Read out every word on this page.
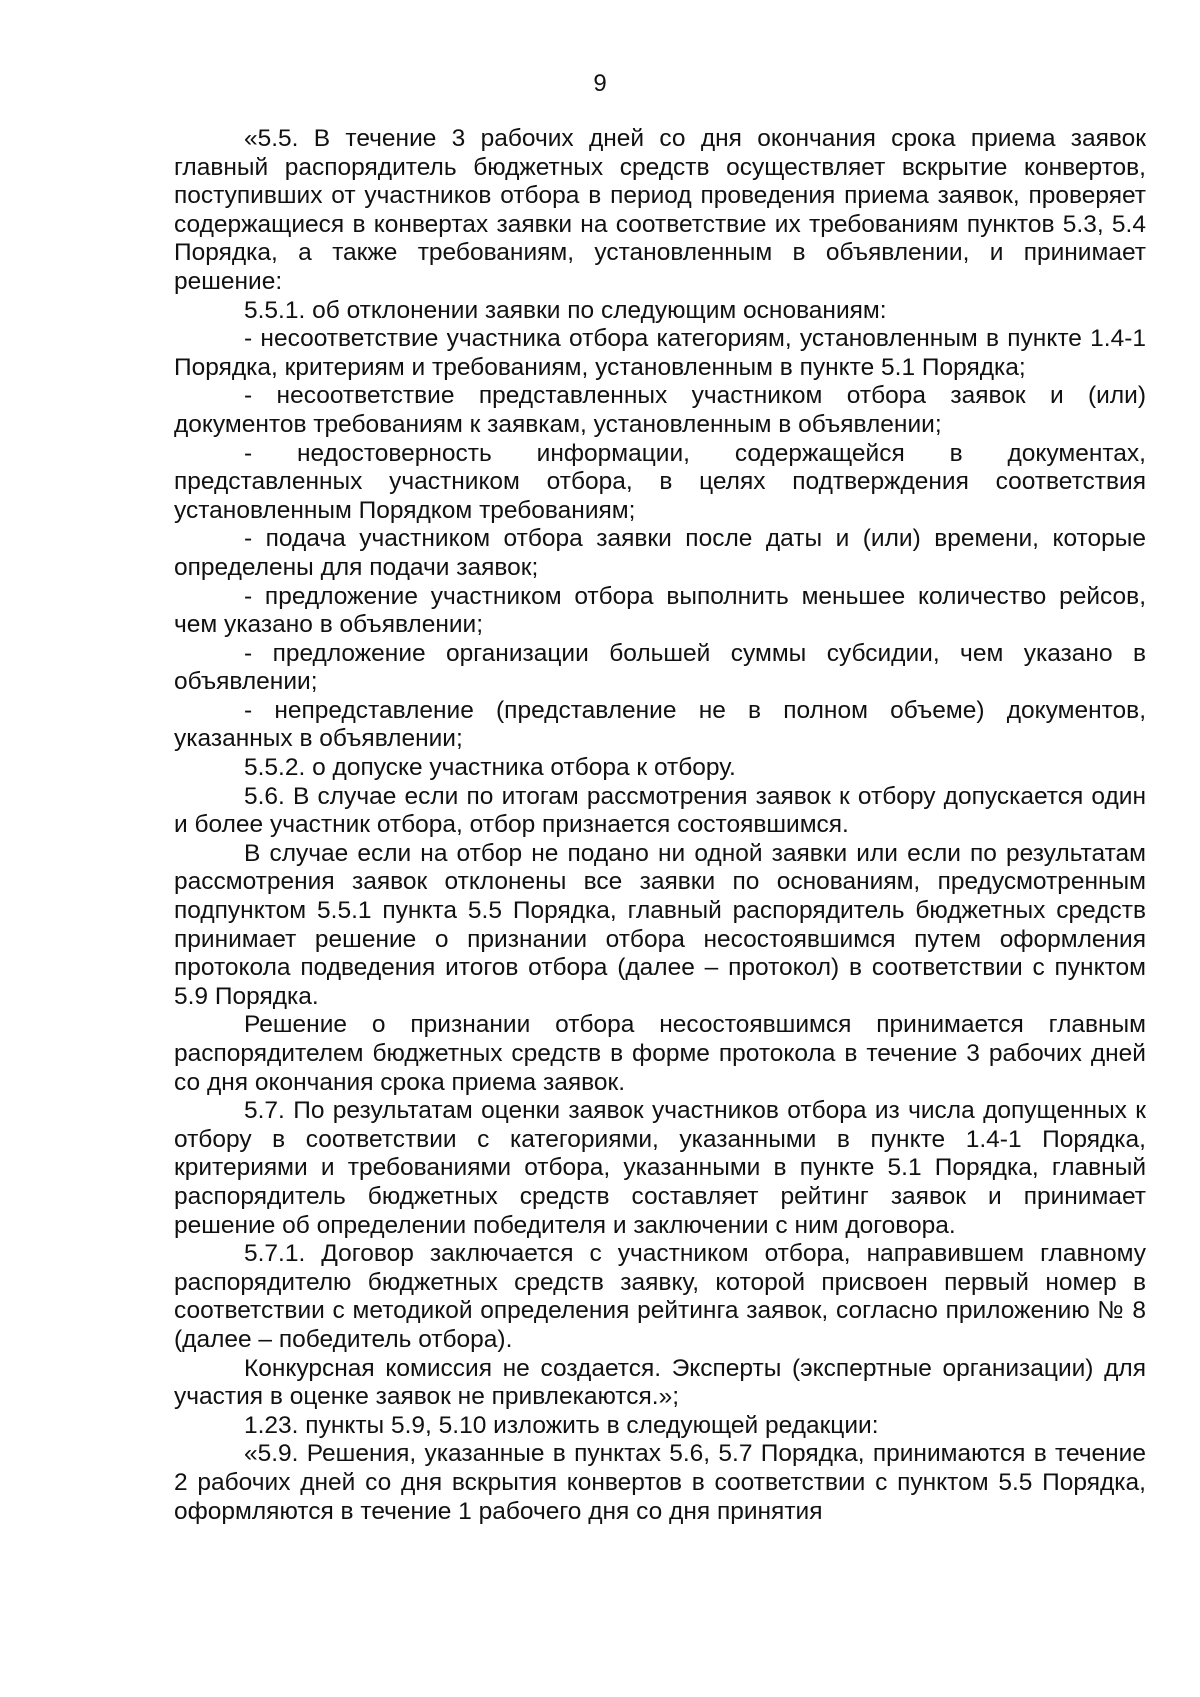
9

«5.5. В течение 3 рабочих дней со дня окончания срока приема заявок главный распорядитель бюджетных средств осуществляет вскрытие конвертов, поступивших от участников отбора в период проведения приема заявок, проверяет содержащиеся в конвертах заявки на соответствие их требованиям пунктов 5.3, 5.4 Порядка, а также требованиям, установленным в объявлении, и принимает решение:

5.5.1. об отклонении заявки по следующим основаниям:

- несоответствие участника отбора категориям, установленным в пункте 1.4-1 Порядка, критериям и требованиям, установленным в пункте 5.1 Порядка;

- несоответствие представленных участником отбора заявок и (или) документов требованиям к заявкам, установленным в объявлении;

- недостоверность информации, содержащейся в документах, представленных участником отбора, в целях подтверждения соответствия установленным Порядком требованиям;

- подача участником отбора заявки после даты и (или) времени, которые определены для подачи заявок;

- предложение участником отбора выполнить меньшее количество рейсов, чем указано в объявлении;

- предложение организации большей суммы субсидии, чем указано в объявлении;

- непредставление (представление не в полном объеме) документов, указанных в объявлении;

5.5.2. о допуске участника отбора к отбору.

5.6. В случае если по итогам рассмотрения заявок к отбору допускается один и более участник отбора, отбор признается состоявшимся.

В случае если на отбор не подано ни одной заявки или если по результатам рассмотрения заявок отклонены все заявки по основаниям, предусмотренным подпунктом 5.5.1 пункта 5.5 Порядка, главный распорядитель бюджетных средств принимает решение о признании отбора несостоявшимся путем оформления протокола подведения итогов отбора (далее – протокол) в соответствии с пунктом 5.9 Порядка.

Решение о признании отбора несостоявшимся принимается главным распорядителем бюджетных средств в форме протокола в течение 3 рабочих дней со дня окончания срока приема заявок.

5.7. По результатам оценки заявок участников отбора из числа допущенных к отбору в соответствии с категориями, указанными в пункте 1.4-1 Порядка, критериями и требованиями отбора, указанными в пункте 5.1 Порядка, главный распорядитель бюджетных средств составляет рейтинг заявок и принимает решение об определении победителя и заключении с ним договора.

5.7.1. Договор заключается с участником отбора, направившем главному распорядителю бюджетных средств заявку, которой присвоен первый номер в соответствии с методикой определения рейтинга заявок, согласно приложению № 8 (далее – победитель отбора).

Конкурсная комиссия не создается. Эксперты (экспертные организации) для участия в оценке заявок не привлекаются.»;

1.23. пункты 5.9, 5.10 изложить в следующей редакции:

«5.9. Решения, указанные в пунктах 5.6, 5.7 Порядка, принимаются в течение 2 рабочих дней со дня вскрытия конвертов в соответствии с пунктом 5.5 Порядка, оформляются в течение 1 рабочего дня со дня принятия
